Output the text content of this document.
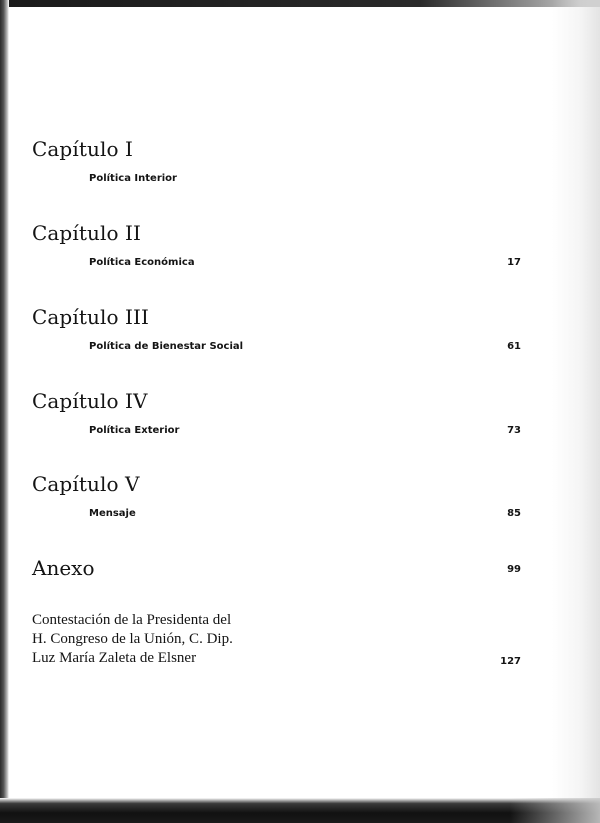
Capítulo I
Política Interior
Capítulo II
Política Económica	17
Capítulo III
Política de Bienestar Social	61
Capítulo IV
Política Exterior	73
Capítulo V
Mensaje	85
Anexo	99
Contestación de la Presidenta del
H. Congreso de la Unión, C. Dip.
Luz María Zaleta de Elsner	127
